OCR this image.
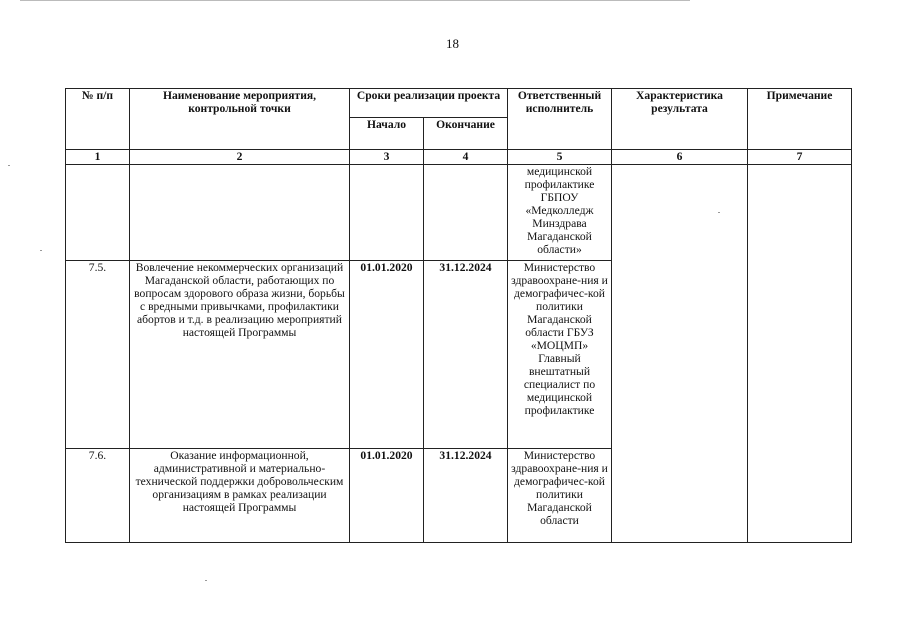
18
№ п/п	Наименование мероприятия, контрольной точки	Сроки реализации проекта		Ответственный исполнитель	Характеристика результата	Примечание
		Начало	Окончание			
1	2	3	4	5	6	7
				медицинской профилактике ГБПОУ «Медколледж Минздрава Магаданской области»		
7.5.	Вовлечение некоммерческих организаций Магаданской области, работающих по вопросам здорового образа жизни, борьбы с вредными привычками, профилактики абортов и т.д. в реализацию мероприятий настоящей Программы	01.01.2020	31.12.2024	Министерство здравоохране-ния и демографичес-кой политики Магаданской области ГБУЗ «МОЦМП» Главный внештатный специалист по медицинской профилактике		
7.6.	Оказание информационной, административной и материально-технической поддержки добровольческим организациям в рамках реализации настоящей Программы	01.01.2020	31.12.2024	Министерство здравоохране-ния и демографичес-кой политики Магаданской области		
